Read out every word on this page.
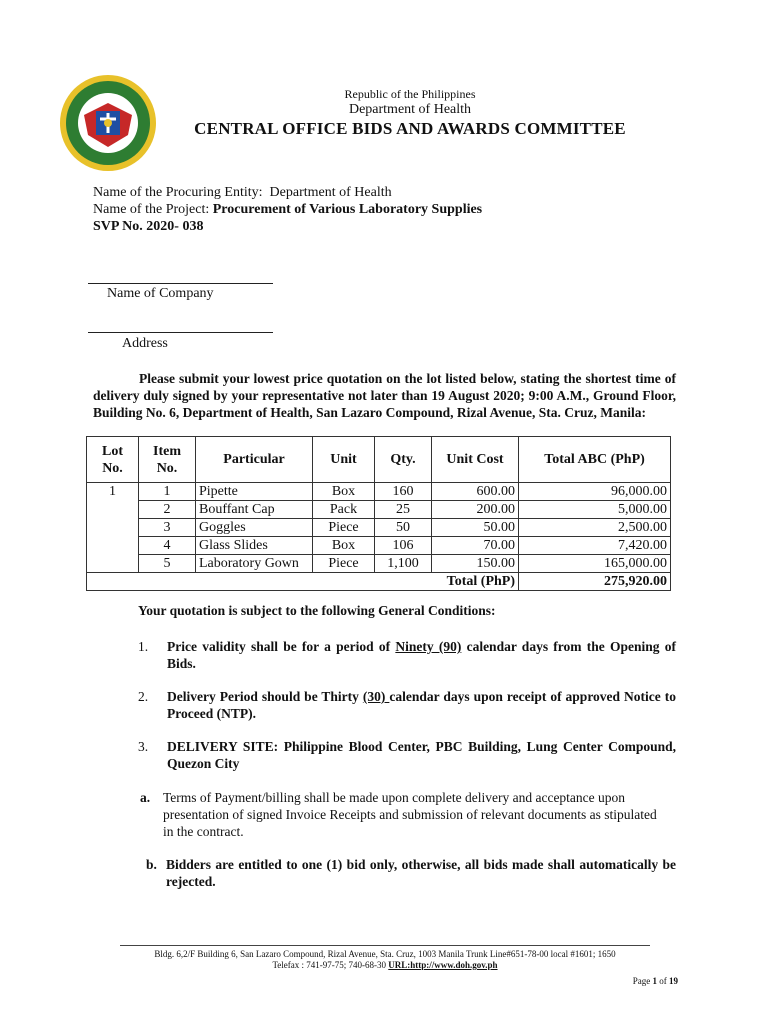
Republic of the Philippines
Department of Health
CENTRAL OFFICE BIDS AND AWARDS COMMITTEE
Name of the Procuring Entity: Department of Health
Name of the Project: Procurement of Various Laboratory Supplies
SVP No. 2020- 038
Name of Company
Address
Please submit your lowest price quotation on the lot listed below, stating the shortest time of delivery duly signed by your representative not later than 19 August 2020; 9:00 A.M., Ground Floor, Building No. 6, Department of Health, San Lazaro Compound, Rizal Avenue, Sta. Cruz, Manila:
Lot No.	Item No.	Particular	Unit	Qty.	Unit Cost	Total ABC (PhP)
1	1	Pipette	Box	160	600.00	96,000.00
	2	Bouffant Cap	Pack	25	200.00	5,000.00
	3	Goggles	Piece	50	50.00	2,500.00
	4	Glass Slides	Box	106	70.00	7,420.00
	5	Laboratory Gown	Piece	1,100	150.00	165,000.00
Total (PhP)						275,920.00
Your quotation is subject to the following General Conditions:
1. Price validity shall be for a period of Ninety (90) calendar days from the Opening of Bids.
2. Delivery Period should be Thirty (30) calendar days upon receipt of approved Notice to Proceed (NTP).
3. DELIVERY SITE: Philippine Blood Center, PBC Building, Lung Center Compound, Quezon City
a. Terms of Payment/billing shall be made upon complete delivery and acceptance upon presentation of signed Invoice Receipts and submission of relevant documents as stipulated in the contract.
b. Bidders are entitled to one (1) bid only, otherwise, all bids made shall automatically be rejected.
Bldg. 6,2/F Building 6, San Lazaro Compound, Rizal Avenue, Sta. Cruz, 1003 Manila Trunk Line#651-78-00 local #1601; 1650
Telefax : 741-97-75; 740-68-30 URL:http://www.doh.gov.ph
Page 1 of 19
